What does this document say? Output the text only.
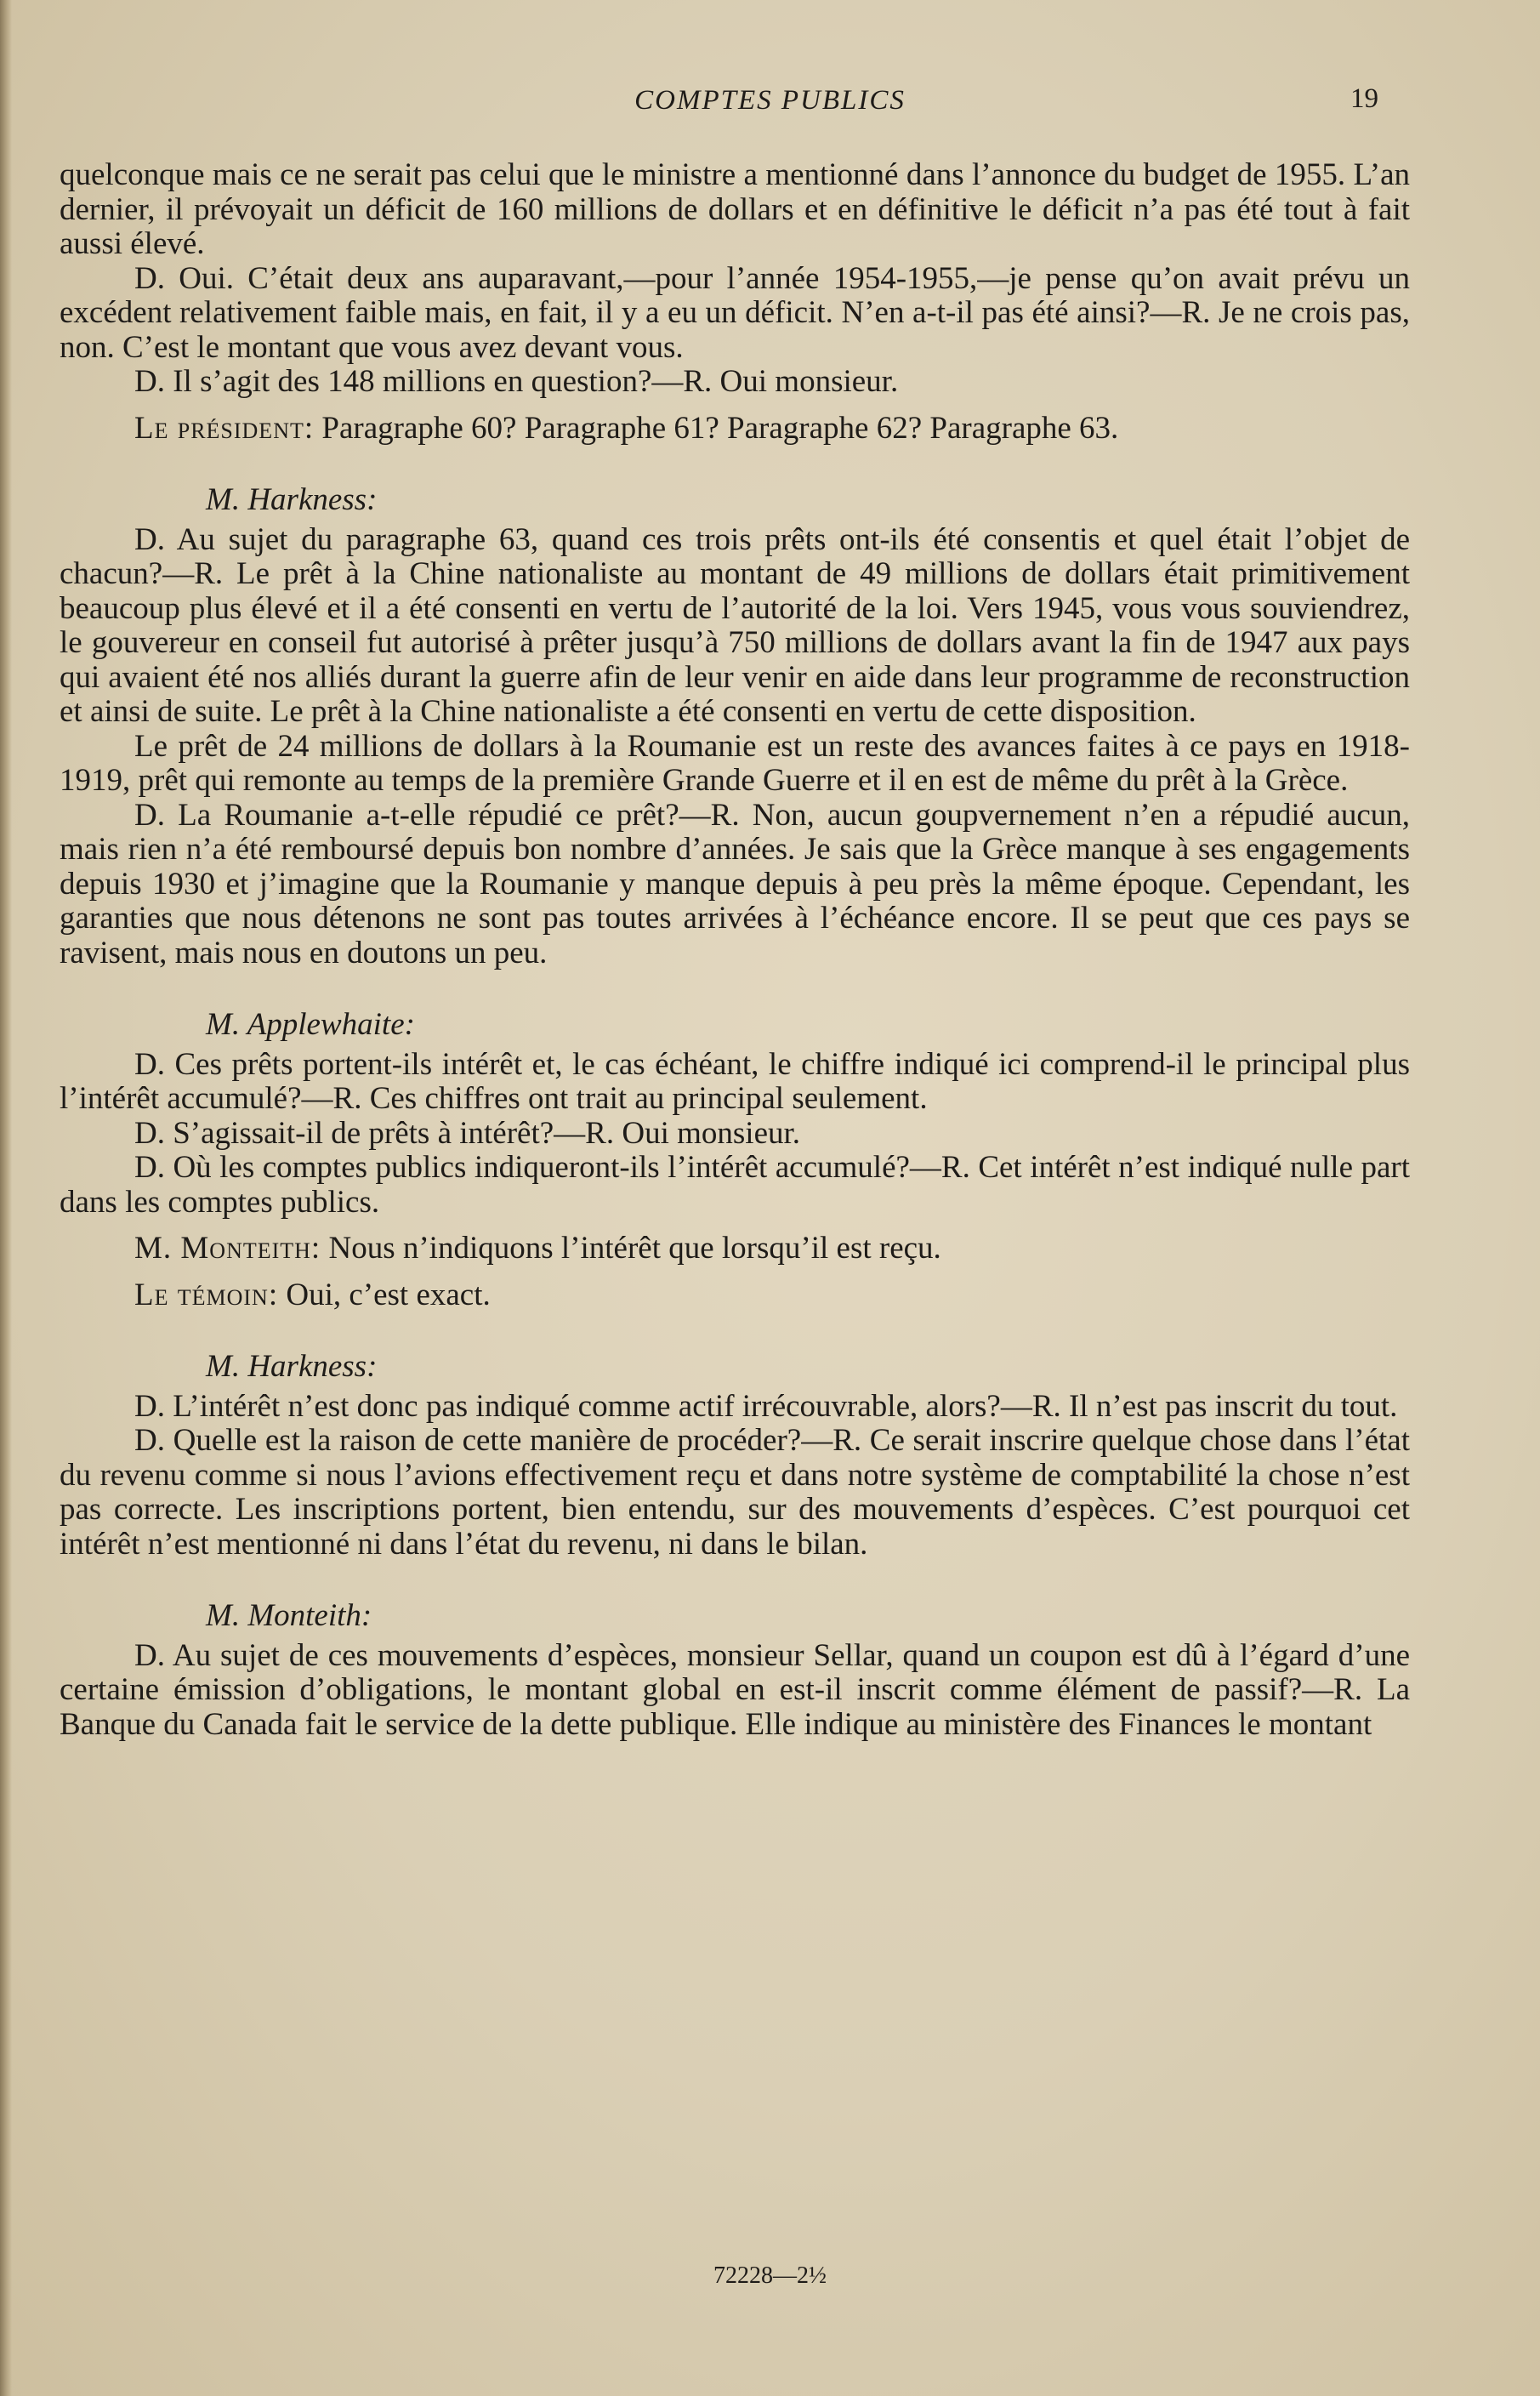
COMPTES PUBLICS	19

quelconque mais ce ne serait pas celui que le ministre a mentionné dans l’annonce du budget de 1955. L’an dernier, il prévoyait un déficit de 160 millions de dollars et en définitive le déficit n’a pas été tout à fait aussi élevé.

D. Oui. C’était deux ans auparavant,—pour l’année 1954-1955,—je pense qu’on avait prévu un excédent relativement faible mais, en fait, il y a eu un déficit. N’en a-t-il pas été ainsi?—R. Je ne crois pas, non. C’est le montant que vous avez devant vous.

D. Il s’agit des 148 millions en question?—R. Oui monsieur.

Le président: Paragraphe 60? Paragraphe 61? Paragraphe 62? Paragraphe 63.

M. Harkness:

D. Au sujet du paragraphe 63, quand ces trois prêts ont-ils été consentis et quel était l’objet de chacun?—R. Le prêt à la Chine nationaliste au montant de 49 millions de dollars était primitivement beaucoup plus élevé et il a été consenti en vertu de l’autorité de la loi. Vers 1945, vous vous souviendrez, le gouvereur en conseil fut autorisé à prêter jusqu’à 750 millions de dollars avant la fin de 1947 aux pays qui avaient été nos alliés durant la guerre afin de leur venir en aide dans leur programme de reconstruction et ainsi de suite. Le prêt à la Chine nationaliste a été consenti en vertu de cette disposition.

Le prêt de 24 millions de dollars à la Roumanie est un reste des avances faites à ce pays en 1918-1919, prêt qui remonte au temps de la première Grande Guerre et il en est de même du prêt à la Grèce.

D. La Roumanie a-t-elle répudié ce prêt?—R. Non, aucun goupvernement n’en a répudié aucun, mais rien n’a été remboursé depuis bon nombre d’années. Je sais que la Grèce manque à ses engagements depuis 1930 et j’imagine que la Roumanie y manque depuis à peu près la même époque. Cependant, les garanties que nous détenons ne sont pas toutes arrivées à l’échéance encore. Il se peut que ces pays se ravisent, mais nous en doutons un peu.

M. Applewhaite:

D. Ces prêts portent-ils intérêt et, le cas échéant, le chiffre indiqué ici comprend-il le principal plus l’intérêt accumulé?—R. Ces chiffres ont trait au principal seulement.

D. S’agissait-il de prêts à intérêt?—R. Oui monsieur.

D. Où les comptes publics indiqueront-ils l’intérêt accumulé?—R. Cet intérêt n’est indiqué nulle part dans les comptes publics.

M. Monteith: Nous n’indiquons l’intérêt que lorsqu’il est reçu.

Le témoin: Oui, c’est exact.

M. Harkness:

D. L’intérêt n’est donc pas indiqué comme actif irrécouvrable, alors?—R. Il n’est pas inscrit du tout.

D. Quelle est la raison de cette manière de procéder?—R. Ce serait inscrire quelque chose dans l’état du revenu comme si nous l’avions effectivement reçu et dans notre système de comptabilité la chose n’est pas correcte. Les inscriptions portent, bien entendu, sur des mouvements d’espèces. C’est pourquoi cet intérêt n’est mentionné ni dans l’état du revenu, ni dans le bilan.

M. Monteith:

D. Au sujet de ces mouvements d’espèces, monsieur Sellar, quand un coupon est dû à l’égard d’une certaine émission d’obligations, le montant global en est-il inscrit comme élément de passif?—R. La Banque du Canada fait le service de la dette publique. Elle indique au ministère des Finances le montant

72228—2½
